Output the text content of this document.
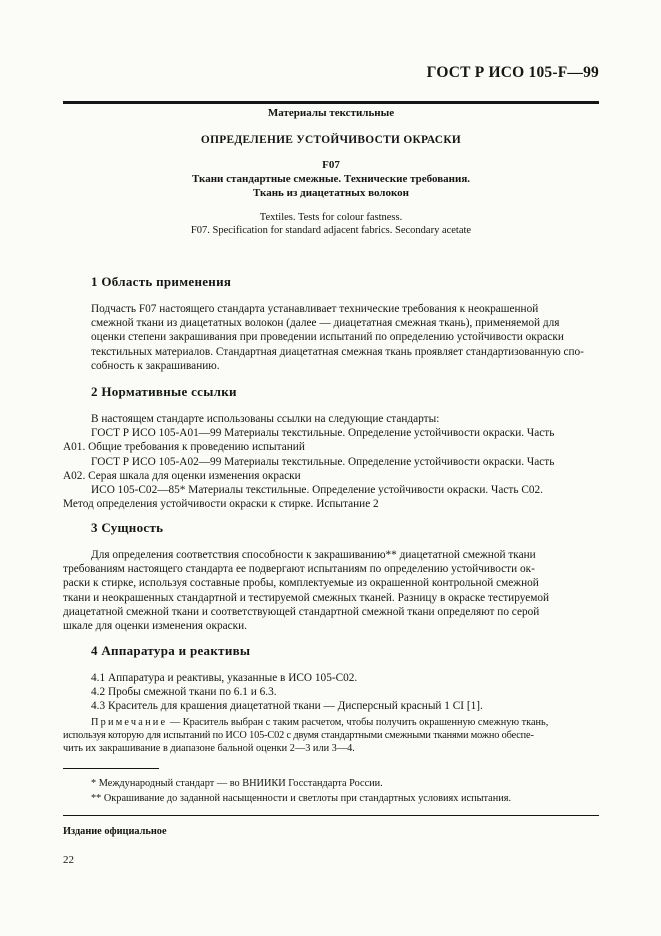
ГОСТ Р ИСО 105-F—99

Материалы текстильные

ОПРЕДЕЛЕНИЕ УСТОЙЧИВОСТИ ОКРАСКИ

F07
Ткани стандартные смежные. Технические требования.
Ткань из диацетатных волокон
Textiles. Tests for colour fastness.
F07. Specification for standard adjacent fabrics. Secondary acetate
1 Область применения
Подчасть F07 настоящего стандарта устанавливает технические требования к неокрашенной
смежной ткани из диацетатных волокон (далее — диацетатная смежная ткань), применяемой для
оценки степени закрашивания при проведении испытаний по определению устойчивости окраски
текстильных материалов. Стандартная диацетатная смежная ткань проявляет стандартизованную спо-
собность к закрашиванию.
2 Нормативные ссылки
В настоящем стандарте использованы ссылки на следующие стандарты:
ГОСТ Р ИСО 105-А01—99 Материалы текстильные. Определение устойчивости окраски. Часть
А01. Общие требования к проведению испытаний
ГОСТ Р ИСО 105-А02—99 Материалы текстильные. Определение устойчивости окраски. Часть
А02. Серая шкала для оценки изменения окраски
ИСО 105-С02—85* Материалы текстильные. Определение устойчивости окраски. Часть С02.
Метод определения устойчивости окраски к стирке. Испытание 2
3 Сущность
Для определения соответствия способности к закрашиванию** диацетатной смежной ткани
требованиям настоящего стандарта ее подвергают испытаниям по определению устойчивости ок-
раски к стирке, используя составные пробы, комплектуемые из окрашенной контрольной смежной
ткани и неокрашенных стандартной и тестируемой смежных тканей. Разницу в окраске тестируемой
диацетатной смежной ткани и соответствующей стандартной смежной ткани определяют по серой
шкале для оценки изменения окраски.
4 Аппаратура и реактивы
4.1 Аппаратура и реактивы, указанные в ИСО 105-С02.
4.2 Пробы смежной ткани по 6.1 и 6.3.
4.3 Краситель для крашения диацетатной ткани — Дисперсный красный 1 CI [1].
Примечание — Краситель выбран с таким расчетом, чтобы получить окрашенную смежную ткань,
используя которую для испытаний по ИСО 105-С02 с двумя стандартными смежными тканями можно обеспе-
чить их закрашивание в диапазоне бальной оценки 2—3 или 3—4.
* Международный стандарт — во ВНИИКИ Госстандарта России.
** Окрашивание до заданной насыщенности и светлоты при стандартных условиях испытания.

Издание официальное

22
